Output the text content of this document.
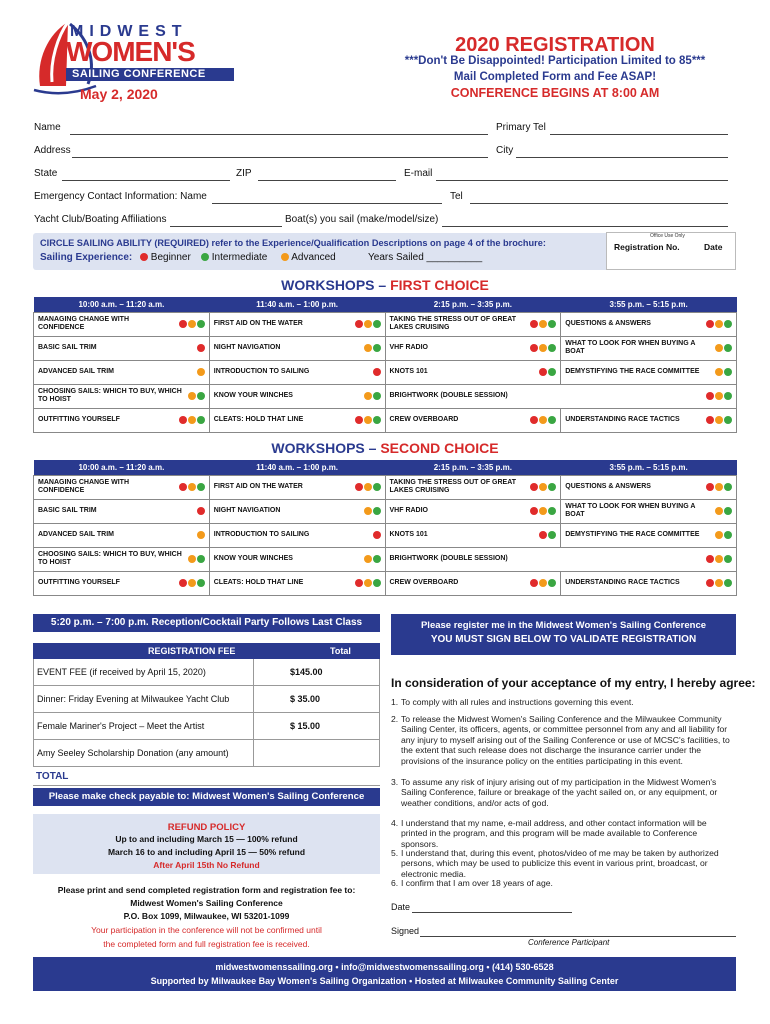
MIDWEST
WOMEN'S
SAILING CONFERENCE
May 2, 2020
2020 REGISTRATION
***Don't Be Disappointed! Participation Limited to 85***
Mail Completed Form and Fee ASAP!
CONFERENCE BEGINS AT 8:00 AM
Name	Primary Tel
Address	City
State	ZIP	E-mail
Emergency Contact Information: Name	Tel
Yacht Club/Boating Affiliations	Boat(s) you sail (make/model/size)
CIRCLE SAILING ABILITY (REQUIRED) refer to the Experience/Qualification Descriptions on page 4 of the brochure:
Sailing Experience:	Beginner	Intermediate	Advanced	Years Sailed __________
Office Use Only
Registration No.	Date
WORKSHOPS – FIRST CHOICE
10:00 a.m. – 11:20 a.m.	11:40 a.m. – 1:00 p.m.	2:15 p.m. – 3:35 p.m.	3:55 p.m. – 5:15 p.m.

MANAGING CHANGE WITH CONFIDENCE	FIRST AID ON THE WATER	TAKING THE STRESS OUT OF GREAT LAKES CRUISING	QUESTIONS & ANSWERS

BASIC SAIL TRIM	NIGHT NAVIGATION	VHF RADIO	WHAT TO LOOK FOR WHEN BUYING A BOAT

ADVANCED SAIL TRIM	INTRODUCTION TO SAILING	KNOTS 101	DEMYSTIFYING THE RACE COMMITTEE

CHOOSING SAILS: WHICH TO BUY, WHICH TO HOIST	KNOW YOUR WINCHES	BRIGHTWORK (DOUBLE SESSION)	

OUTFITTING YOURSELF	CLEATS: HOLD THAT LINE	CREW OVERBOARD	UNDERSTANDING RACE TACTICS
WORKSHOPS – SECOND CHOICE
10:00 a.m. – 11:20 a.m.	11:40 a.m. – 1:00 p.m.	2:15 p.m. – 3:35 p.m.	3:55 p.m. – 5:15 p.m.

MANAGING CHANGE WITH CONFIDENCE	FIRST AID ON THE WATER	TAKING THE STRESS OUT OF GREAT LAKES CRUISING	QUESTIONS & ANSWERS

BASIC SAIL TRIM	NIGHT NAVIGATION	VHF RADIO	WHAT TO LOOK FOR WHEN BUYING A BOAT

ADVANCED SAIL TRIM	INTRODUCTION TO SAILING	KNOTS 101	DEMYSTIFYING THE RACE COMMITTEE

CHOOSING SAILS: WHICH TO BUY, WHICH TO HOIST	KNOW YOUR WINCHES	BRIGHTWORK (DOUBLE SESSION)	

OUTFITTING YOURSELF	CLEATS: HOLD THAT LINE	CREW OVERBOARD	UNDERSTANDING RACE TACTICS
5:20 p.m. – 7:00 p.m. Reception/Cocktail Party Follows Last Class
REGISTRATION FEE	Total
EVENT FEE (if received by April 15, 2020)	$145.00
Dinner: Friday Evening at Milwaukee Yacht Club	$ 35.00
Female Mariner's Project – Meet the Artist	$ 15.00
Amy Seeley Scholarship Donation (any amount)
TOTAL
Please make check payable to: Midwest Women's Sailing Conference
REFUND POLICY
Up to and including March 15 — 100% refund
March 16 to and including April 15 — 50% refund
After April 15th No Refund
Please print and send completed registration form and registration fee to:
Midwest Women's Sailing Conference
P.O. Box 1099, Milwaukee, WI 53201-1099
Your participation in the conference will not be confirmed until
the completed form and full registration fee is received.
Please register me in the Midwest Women's Sailing Conference
YOU MUST SIGN BELOW TO VALIDATE REGISTRATION
In consideration of your acceptance of my entry, I hereby agree:
1. To comply with all rules and instructions governing this event.
2. To release the Midwest Women's Sailing Conference and the Milwaukee Community Sailing Center, its officers, agents, or committee personnel from any and all liability for any injury to myself arising out of the Sailing Conference or use of MCSC's facilities, to the extent that such release does not discharge the insurance carrier under the provisions of the insurance policy on the entities participating in this event.
3. To assume any risk of injury arising out of my participation in the Midwest Women's Sailing Conference, failure or breakage of the yacht sailed on, or any equipment, or weather conditions, and/or acts of god.
4. I understand that my name, e-mail address, and other contact information will be printed in the program, and this program will be made available to Conference sponsors.
5. I understand that, during this event, photos/video of me may be taken by authorized persons, which may be used to publicize this event in various print, broadcast, or electronic media.
6. I confirm that I am over 18 years of age.
Date
Signed
Conference Participant
midwestwomenssailing.org • info@midwestwomenssailing.org • (414) 530-6528
Supported by Milwaukee Bay Women's Sailing Organization • Hosted at Milwaukee Community Sailing Center
